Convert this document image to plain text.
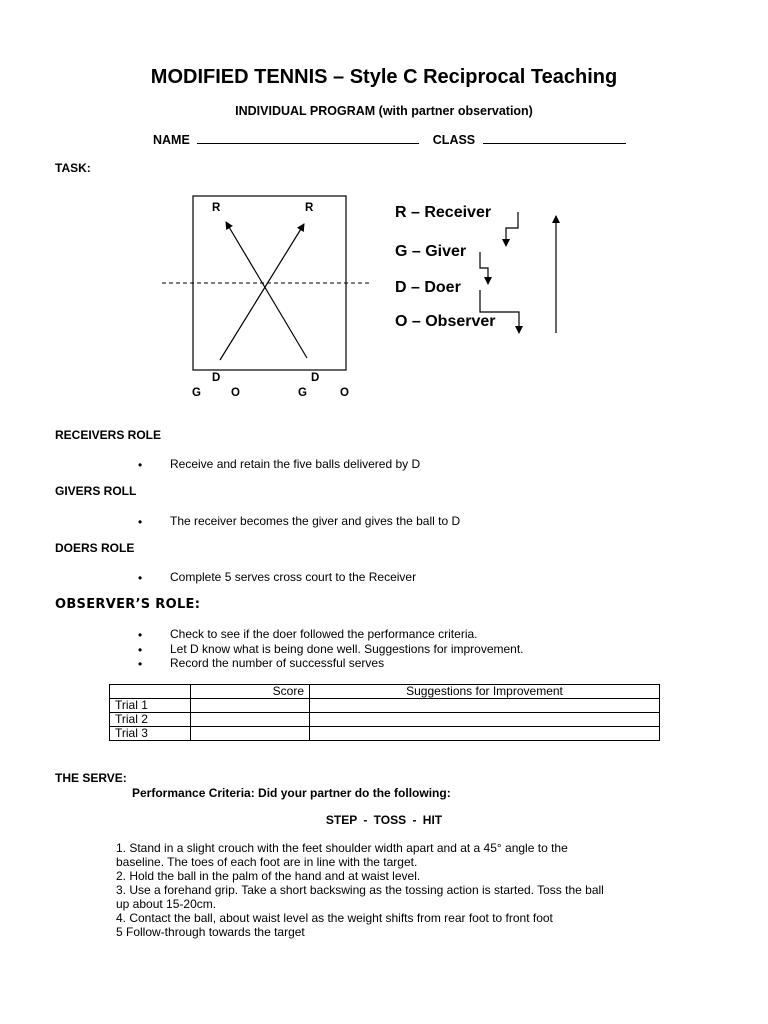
MODIFIED TENNIS – Style C Reciprocal Teaching
INDIVIDUAL PROGRAM (with partner observation)
NAME	CLASS
TASK:
R	R
D	D
G	O	G	O
R – Receiver
G – Giver
D – Doer
O – Observer
RECEIVERS ROLE
• Receive and retain the five balls delivered by D
GIVERS ROLL
• The receiver becomes the giver and gives the ball to D
DOERS ROLE
• Complete 5 serves cross court to the Receiver
OBSERVER’S ROLE:
• Check to see if the doer followed the performance criteria.
• Let D know what is being done well. Suggestions for improvement.
• Record the number of successful serves
	Score	Suggestions for Improvement
Trial 1		
Trial 2		
Trial 3		
THE SERVE:
Performance Criteria: Did your partner do the following:
STEP - TOSS - HIT
1. Stand in a slight crouch with the feet shoulder width apart and at a 45° angle to the
baseline. The toes of each foot are in line with the target.
2. Hold the ball in the palm of the hand and at waist level.
3. Use a forehand grip. Take a short backswing as the tossing action is started. Toss the ball
up about 15-20cm.
4. Contact the ball, about waist level as the weight shifts from rear foot to front foot
5 Follow-through towards the target
